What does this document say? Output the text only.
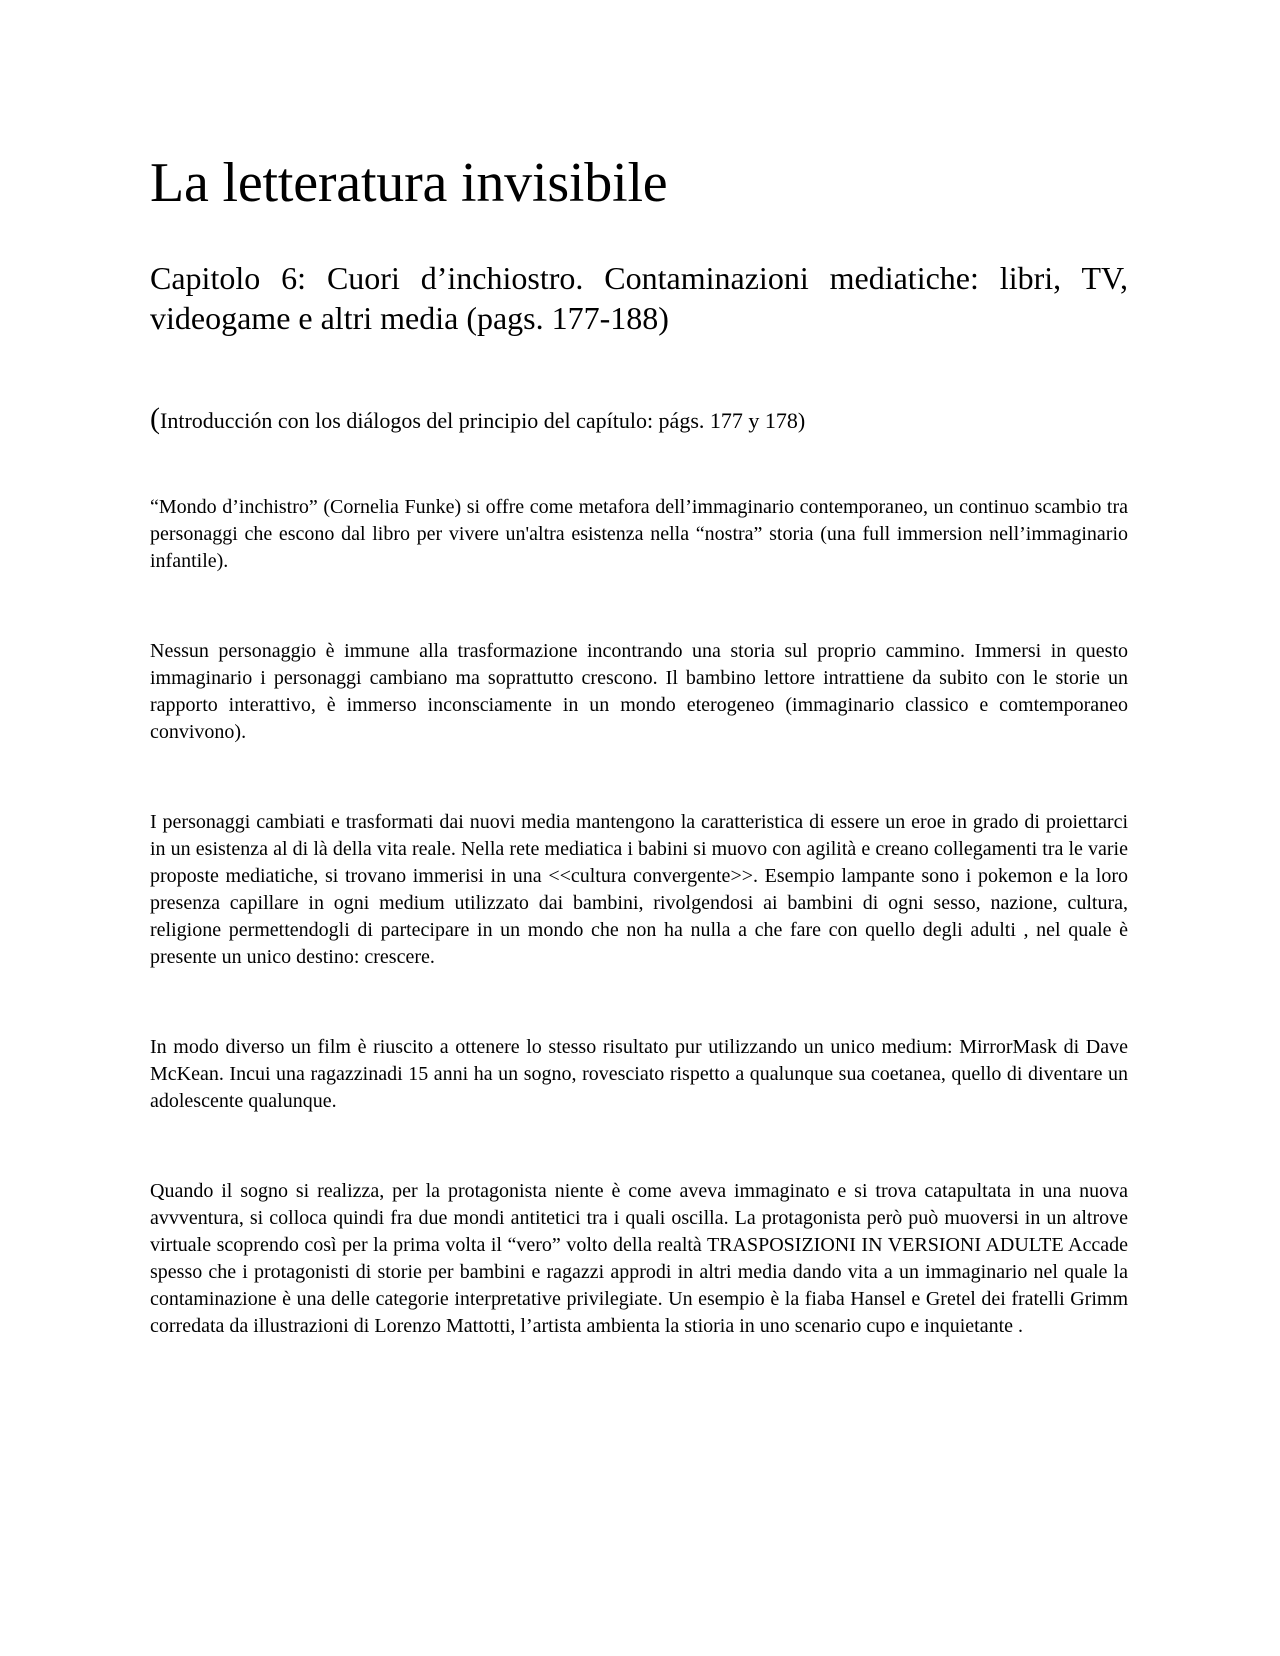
La letteratura invisibile
Capitolo 6: Cuori d’inchiostro. Contaminazioni mediatiche: libri, TV, videogame e altri media (pags. 177-188)

(Introducción con los diálogos del principio del capítulo: págs. 177 y 178)

“Mondo d’inchistro” (Cornelia Funke) si offre come metafora dell’immaginario contemporaneo, un continuo scambio tra personaggi che escono dal libro per vivere un'altra esistenza nella “nostra” storia (una full immersion nell’immaginario infantile).

Nessun personaggio è immune alla trasformazione incontrando una storia sul proprio cammino. Immersi in questo immaginario i personaggi cambiano ma soprattutto crescono. Il bambino lettore intrattiene da subito con le storie un rapporto interattivo, è immerso inconsciamente in un mondo eterogeneo (immaginario classico e comtemporaneo convivono).

I personaggi cambiati e trasformati dai nuovi media mantengono la caratteristica di essere un eroe in grado di proiettarci in un esistenza al di là della vita reale. Nella rete mediatica i babini si muovo con agilità e creano collegamenti tra le varie proposte mediatiche, si trovano immerisi in una <<cultura convergente>>. Esempio lampante sono i pokemon e la loro presenza capillare in ogni medium utilizzato dai bambini, rivolgendosi ai bambini di ogni sesso, nazione, cultura, religione permettendogli di partecipare in un mondo che non ha nulla a che fare con quello degli adulti , nel quale è presente un unico destino: crescere.

In modo diverso un film è riuscito a ottenere lo stesso risultato pur utilizzando un unico medium: MirrorMask di Dave McKean. Incui una ragazzinadi 15 anni ha un sogno, rovesciato rispetto a qualunque sua coetanea, quello di diventare un adolescente qualunque.

Quando il sogno si realizza, per la protagonista niente è come aveva immaginato e si trova catapultata in una nuova avvventura, si colloca quindi fra due mondi antitetici tra i quali oscilla. La protagonista però può muoversi in un altrove virtuale scoprendo così per la prima volta il “vero” volto della realtà TRASPOSIZIONI IN VERSIONI ADULTE Accade spesso che i protagonisti di storie per bambini e ragazzi approdi in altri media dando vita a un immaginario nel quale la contaminazione è una delle categorie interpretative privilegiate. Un esempio è la fiaba Hansel e Gretel dei fratelli Grimm corredata da illustrazioni di Lorenzo Mattotti, l’artista ambienta la stioria in uno scenario cupo e inquietante .
